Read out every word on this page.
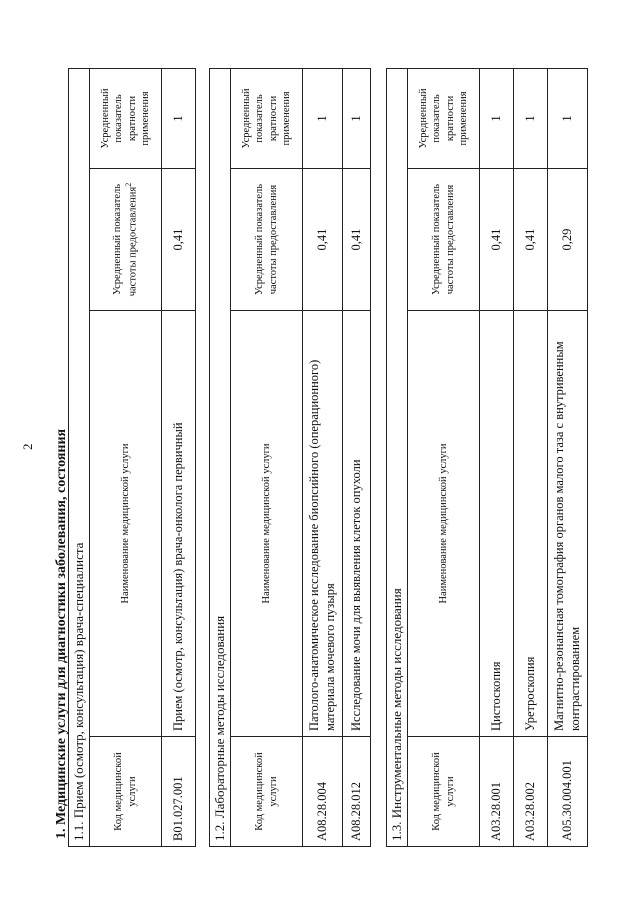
2 1. Медицинские услуги для диагностики заболевания, состояния 1.1. Прием (осмотр, консультация) врача-специалиста			
Код медицинской услуги	Наименование медицинской услуги	Усредненный показатель частоты предоставления$^2$	Усредненный показатель кратности применения
B01.027.001	Прием (осмотр, консультация) врача-онколога первичный	0,41	1
1.2. Лабораторные методы исследования			
Код медицинской услуги	Наименование медицинской услуги	Усредненный показатель частоты предоставления	Усредненный показатель кратности применения
A08.28.004	Патолого-анатомическое исследование биопсийного (операционного) материала мочевого пузыря	0,41	1
A08.28.012	Исследование мочи для выявления клеток опухоли	0,41	1
1.3. Инструментальные методы исследования			
Код медицинской услуги	Наименование медицинской услуги	Усредненный показатель частоты предоставления	Усредненный показатель кратности применения
A03.28.001	Цистоскопия	0,41	1
A03.28.002	Уретроскопия	0,41	1
A05.30.004.001	Магнитно-резонансная томография органов малого таза с внутривенным контрастированием	0,29	1
